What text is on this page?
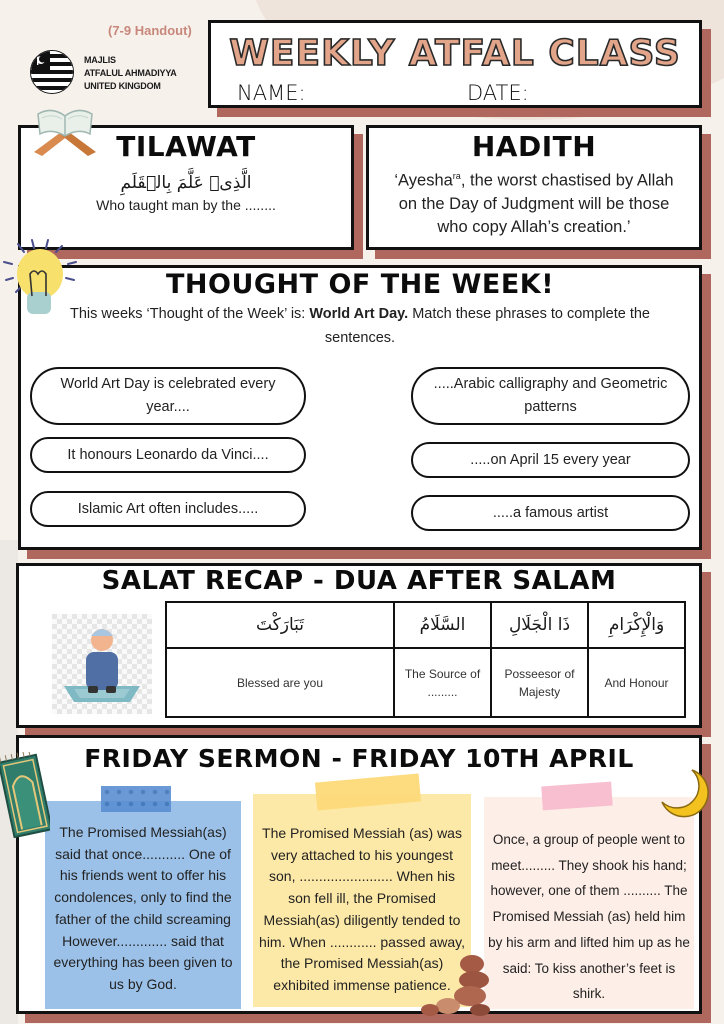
(7-9 Handout)
MAJLIS
ATFALUL AHMADIYYA
UNITED KINGDOM
WEEKLY ATFAL CLASS
NAME:	DATE:
TILAWAT
الَّذِیۡ عَلَّمَ بِالۡقَلَمِ
Who taught man by the ........
HADITH
‘Ayesha$^{ra}$, the worst chastised by Allah
on the Day of Judgment will be those
who copy Allah’s creation.’
THOUGHT OF THE WEEK!
This weeks ‘Thought of the Week’ is: World Art Day. Match these phrases to complete the sentences.
World Art Day is celebrated every year....
It honours Leonardo da Vinci....
Islamic Art often includes.....
.....Arabic calligraphy and Geometric patterns
.....on April 15 every year
.....a famous artist
SALAT RECAP - DUA AFTER SALAM
تَبَارَكْتَ	السَّلَامُ	ذَا الْجَلَالِ	وَالْإِكْرَامِ
Blessed are you	The Source of .........	Posseesor of Majesty	And Honour
FRIDAY SERMON - FRIDAY 10TH APRIL
The Promised Messiah(as) said that once........... One of his friends went to offer his condolences, only to find the father of the child screaming However............. said that everything has been given to us by God.
The Promised Messiah (as) was very attached to his youngest son, ........................ When his son fell ill, the Promised Messiah(as) diligently tended to him. When ............ passed away, the Promised Messiah(as) exhibited immense patience.
Once, a group of people went to meet......... They shook his hand; however, one of them .......... The Promised Messiah (as) held him by his arm and lifted him up as he said: To kiss another’s feet is shirk.
